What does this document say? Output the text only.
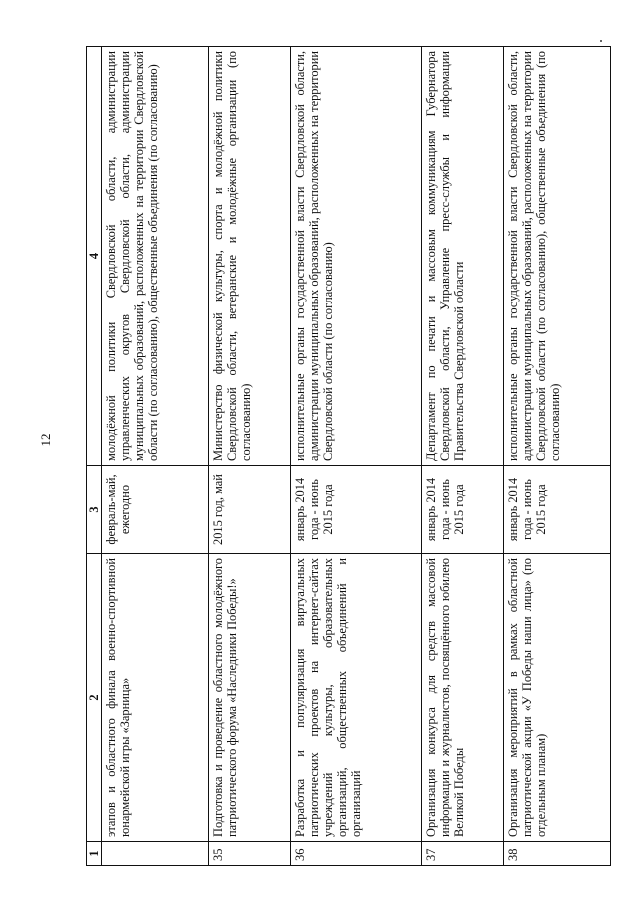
12
1	2	3	4
	этапов и областного финала военно-спортивной юнармейской игры «Зарница»	февраль-май, ежегодно	молодёжной политики Свердловской области, администрации управленческих округов Свердловской области, администрации муниципальных образований, расположенных на территории Свердловской области (по согласованию), общественные объединения (по согласованию)
35	Подготовка и проведение областного молодёжного патриотического форума «Наследники Победы!»	2015 год, май	Министерство физической культуры, спорта и молодёжной политики Свердловской области, ветеранские и молодёжные организации (по согласованию)
36	Разработка и популяризация виртуальных патриотических проектов на интернет-сайтах учреждений культуры, образовательных организаций, общественных объединений и организаций	январь 2014 года - июнь 2015 года	исполнительные органы государственной власти Свердловской области, администрации муниципальных образований, расположенных на территории Свердловской области (по согласованию)
37	Организация конкурса для средств массовой информации и журналистов, посвящённого юбилею Великой Победы	январь 2014 года - июнь 2015 года	Департамент по печати и массовым коммуникациям Губернатора Свердловской области, Управление пресс-службы и информации Правительства Свердловской области
38	Организация мероприятий в рамках областной патриотической акции «У Победы наши лица» (по отдельным планам)	январь 2014 года - июнь 2015 года	исполнительные органы государственной власти Свердловской области, администрации муниципальных образований, расположенных на территории Свердловской области (по согласованию), общественные объединения (по согласованию)
